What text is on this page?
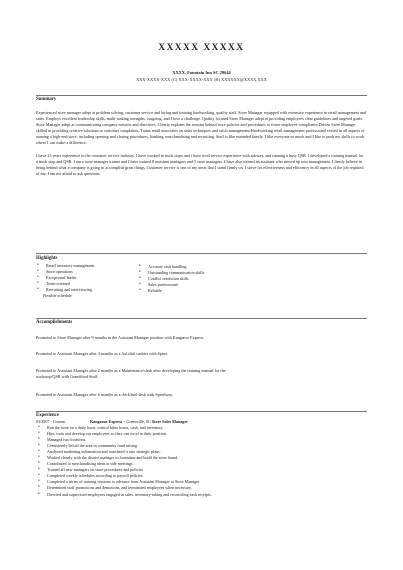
XXXXX XXXXX
XXXX, Fountain Inn SC 29644
XXX-XXXX-XXX (C) XXX-XXXX-XXX (H) XXXXXX@XXXX.XXX
Summary
Experienced store manager adept at problem solving, customer service and hiring and training hardworking, quality staff. Store Manager equipped with extensive experience in retail management and sales. Employs excellent leadership skills, multi-tasking strengths, outgoing, and I love a challenge. Quality focused Store Manager adept at providing employees clear guidelines and targeted goals. Store Manager adept at communicating company mission and directives. Clearly explains the reasons behind store policies and procedures to foster employee compliance.Driven Store Manager skilled in providing creative solutions to customer complaints. Trains retail associates on sales techniques and crisis management.Hardworking retail management professional versed in all aspects of running a high-end store, including opening and closing procedures, banking, merchandising and recruiting. Staff is like extended family. I like everyone so much and I like to push my skills to work where I can make a difference.
I have 13 years experience in the customer service industry. I have worked in truck stops and i have food service experience with subway, and running a busy QSR. I developed a training manual for a truck stop and QSR. I am a store manager trainer and I have trained 8 assistant managers and 5 store managers. I have also trained an assistant who moved up into management. I firmly believe in being behind what a company is going to accomplish great things. Customer service is one of my areas that I stand firmly on. I strive for effectiveness and efficiency in all aspects of the job required of me. I am not afraid to ask questions.
Highlights
• Retail inventory management
• Store operations
• Exceptional leader
• Team-oriented
• Recruiting and interviewing
Flexible schedule
• Accurate cash handling
• Outstanding communication skills
• Conflict resolution skills
• Sales professional
• Reliable
Accomplishments
Promoted to Store Manager after 9 months in the Assistant Manager position with Kangaroo Express.
Promoted to Assistant Manager after 4 months as a 3rd shift cashier with Spinx.
Promoted to Assistant Manager after 2 months as a Maintenance/clerk after developing the training manual for the
truckstop/QSR with Grandfood Stuff.
Promoted to Assistant Manager after 6 months as a clerk/fuel desk with Speedway.
Experience
03/2007 - Current	Kangaroo Express ~ Greenville, SC Store Sales Manager
• Run the store on a daily basis, control labor hours, cash, and inventory.
• Hire, train and develop our employees so they can excel in their position.
• Managed two locations.
• Consistently led all the area in community fund raising.
• Analyzed marketing information and translated it into strategic plans.
• Worked closely with the district manager to formulate and build the store brand.
• Contributed to merchandising ideas at sale meetings.
• Trained all new managers on store procedures and policies
• Completed weekly schedules according to payroll policies.
• Completed a series of training sessions to advance from Assistant Manager to Store Manager
• Determined staff promotions and demotions, and terminated employees when necessary.
• Directed and supervised employees engaged in sales, inventory-taking and reconciling cash receipts.
